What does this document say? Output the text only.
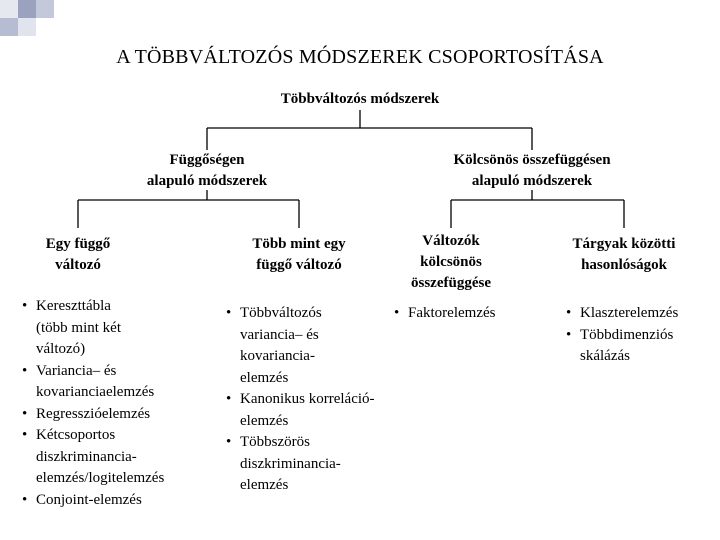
A TÖBBVÁLTOZÓS MÓDSZEREK CSOPORTOSÍTÁSA
Többváltozós módszerek
Függőségen
alapuló módszerek
Kölcsönös összefüggésen
alapuló módszerek
Egy függő
változó
Több mint egy
függő változó
Változók
kölcsönös
összefüggése
Tárgyak közötti
hasonlóságok
• Kereszttábla
(több mint két
változó)
• Variancia– és
kovarianciaelemzés
• Regresszióelemzés
• Kétcsoportos
diszkriminancia-
elemzés/logitelemzés
• Conjoint-elemzés
• Többváltozós
variancia– és
kovariancia-
elemzés
• Kanonikus korreláció-
elemzés
• Többszörös
diszkriminancia-
elemzés
• Faktorelemzés
•	Klaszterelemzés
• Többdimenziós
skálázás
